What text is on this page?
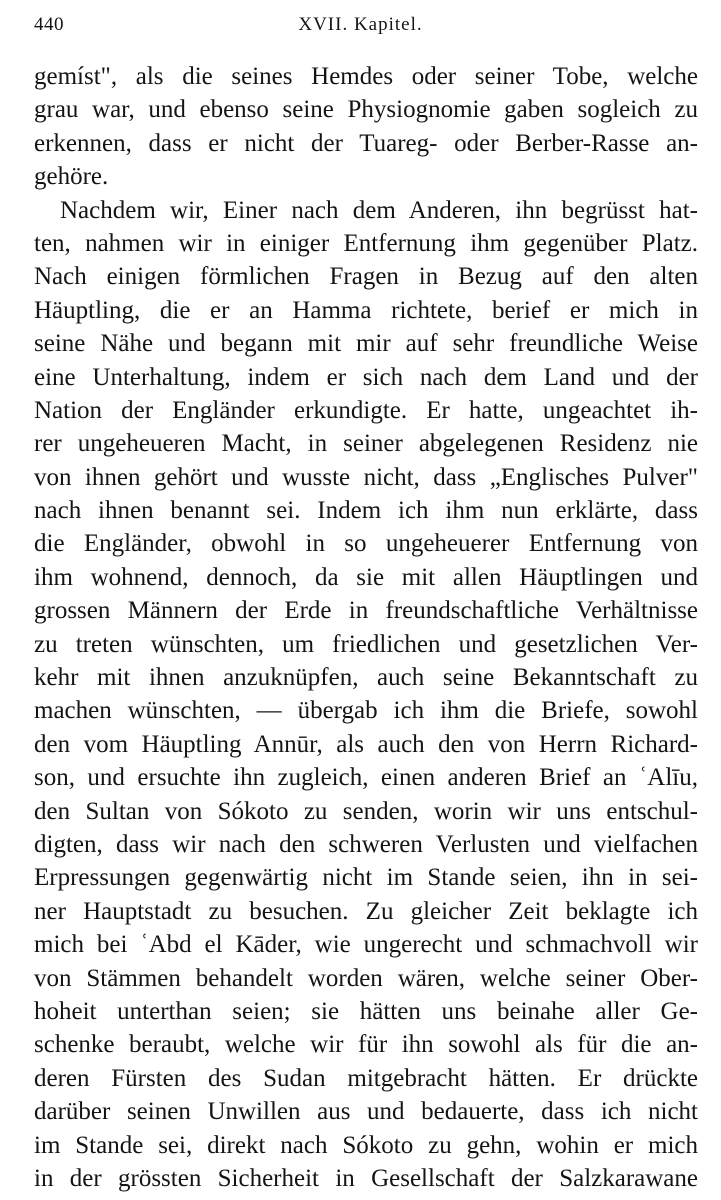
440	XVII. Kapitel.
gemíst", als die seines Hemdes oder seiner Tobe, welche
grau war, und ebenso seine Physiognomie gaben sogleich zu
erkennen, dass er nicht der Tuareg- oder Berber-Rasse an-
gehöre.
Nachdem wir, Einer nach dem Anderen, ihn begrüsst hat-
ten, nahmen wir in einiger Entfernung ihm gegenüber Platz.
Nach einigen förmlichen Fragen in Bezug auf den alten
Häuptling, die er an Hamma richtete, berief er mich in
seine Nähe und begann mit mir auf sehr freundliche Weise
eine Unterhaltung, indem er sich nach dem Land und der
Nation der Engländer erkundigte. Er hatte, ungeachtet ih-
rer ungeheueren Macht, in seiner abgelegenen Residenz nie
von ihnen gehört und wusste nicht, dass „Englisches Pulver"
nach ihnen benannt sei. Indem ich ihm nun erklärte, dass
die Engländer, obwohl in so ungeheuerer Entfernung von
ihm wohnend, dennoch, da sie mit allen Häuptlingen und
grossen Männern der Erde in freundschaftliche Verhältnisse
zu treten wünschten, um friedlichen und gesetzlichen Ver-
kehr mit ihnen anzuknüpfen, auch seine Bekanntschaft zu
machen wünschten, — übergab ich ihm die Briefe, sowohl
den vom Häuptling Annūr, als auch den von Herrn Richard-
son, und ersuchte ihn zugleich, einen anderen Brief an ʿAlīu,
den Sultan von Sókoto zu senden, worin wir uns entschul-
digten, dass wir nach den schweren Verlusten und vielfachen
Erpressungen gegenwärtig nicht im Stande seien, ihn in sei-
ner Hauptstadt zu besuchen. Zu gleicher Zeit beklagte ich
mich bei ʿAbd el Kāder, wie ungerecht und schmachvoll wir
von Stämmen behandelt worden wären, welche seiner Ober-
hoheit unterthan seien; sie hätten uns beinahe aller Ge-
schenke beraubt, welche wir für ihn sowohl als für die an-
deren Fürsten des Sudan mitgebracht hätten. Er drückte
darüber seinen Unwillen aus und bedauerte, dass ich nicht
im Stande sei, direkt nach Sókoto zu gehn, wohin er mich
in der grössten Sicherheit in Gesellschaft der Salzkarawane
